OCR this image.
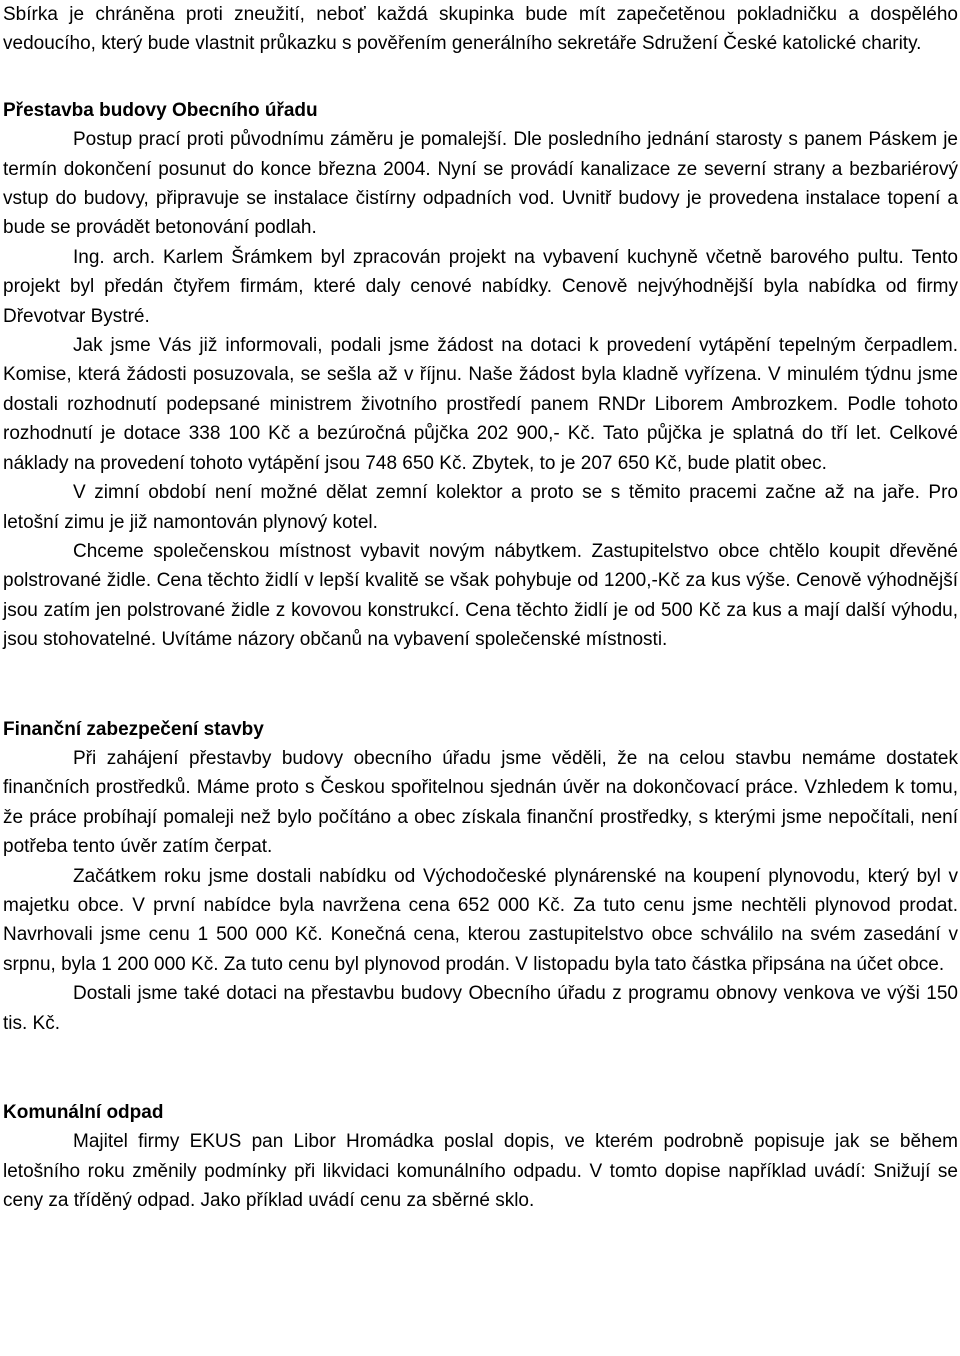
Sbírka je chráněna proti zneužití, neboť každá skupinka bude mít zapečetěnou pokladničku a dospělého vedoucího, který bude vlastnit průkazku s pověřením generálního sekretáře Sdružení České katolické charity.

Přestavba budovy Obecního úřadu

Postup prací proti původnímu záměru je pomalejší. Dle posledního jednání starosty s panem Páskem je termín dokončení posunut do konce března 2004. Nyní se provádí kanalizace ze severní strany a bezbariérový vstup do budovy, připravuje se instalace čistírny odpadních vod. Uvnitř budovy je provedena instalace topení a bude se provádět betonování podlah.

Ing. arch. Karlem Šrámkem byl zpracován projekt na vybavení kuchyně včetně barového pultu. Tento projekt byl předán čtyřem firmám, které daly cenové nabídky. Cenově nejvýhodnější byla nabídka od firmy Dřevotvar Bystré.

Jak jsme Vás již informovali, podali jsme žádost na dotaci k provedení vytápění tepelným čerpadlem. Komise, která žádosti posuzovala, se sešla až v říjnu. Naše žádost byla kladně vyřízena. V minulém týdnu jsme dostali rozhodnutí podepsané ministrem životního prostředí panem RNDr Liborem Ambrozkem. Podle tohoto rozhodnutí je dotace 338 100 Kč a bezúročná půjčka 202 900,- Kč. Tato půjčka je splatná do tří let. Celkové náklady na provedení tohoto vytápění jsou 748 650 Kč. Zbytek, to je 207 650 Kč, bude platit obec.

V zimní období není možné dělat zemní kolektor a proto se s těmito pracemi začne až na jaře. Pro letošní zimu je již namontován plynový kotel.

Chceme společenskou místnost vybavit novým nábytkem. Zastupitelstvo obce chtělo koupit dřevěné polstrované židle. Cena těchto židlí v lepší kvalitě se však pohybuje od 1200,-Kč za kus výše. Cenově výhodnější jsou zatím jen polstrované židle z kovovou konstrukcí. Cena těchto židlí je od 500 Kč za kus a mají další výhodu, jsou stohovatelné. Uvítáme názory občanů na vybavení společenské místnosti.

Finanční zabezpečení stavby

Při zahájení přestavby budovy obecního úřadu jsme věděli, že na celou stavbu nemáme dostatek finančních prostředků. Máme proto s Českou spořitelnou sjednán úvěr na dokončovací práce. Vzhledem k tomu, že práce probíhají pomaleji než bylo počítáno a obec získala finanční prostředky, s kterými jsme nepočítali, není potřeba tento úvěr zatím čerpat.

Začátkem roku jsme dostali nabídku od Východočeské plynárenské na koupení plynovodu, který byl v majetku obce. V první nabídce byla navržena cena 652 000 Kč. Za tuto cenu jsme nechtěli plynovod prodat. Navrhovali jsme cenu 1 500 000 Kč. Konečná cena, kterou zastupitelstvo obce schválilo na svém zasedání v srpnu, byla 1 200 000 Kč. Za tuto cenu byl plynovod prodán. V listopadu byla tato částka připsána na účet obce.

Dostali jsme také dotaci na přestavbu budovy Obecního úřadu z programu obnovy venkova ve výši 150 tis. Kč.

Komunální odpad

Majitel firmy EKUS pan Libor Hromádka poslal dopis, ve kterém podrobně popisuje jak se během letošního roku změnily podmínky při likvidaci komunálního odpadu. V tomto dopise například uvádí: Snižují se ceny za tříděný odpad. Jako příklad uvádí cenu za sběrné sklo.
